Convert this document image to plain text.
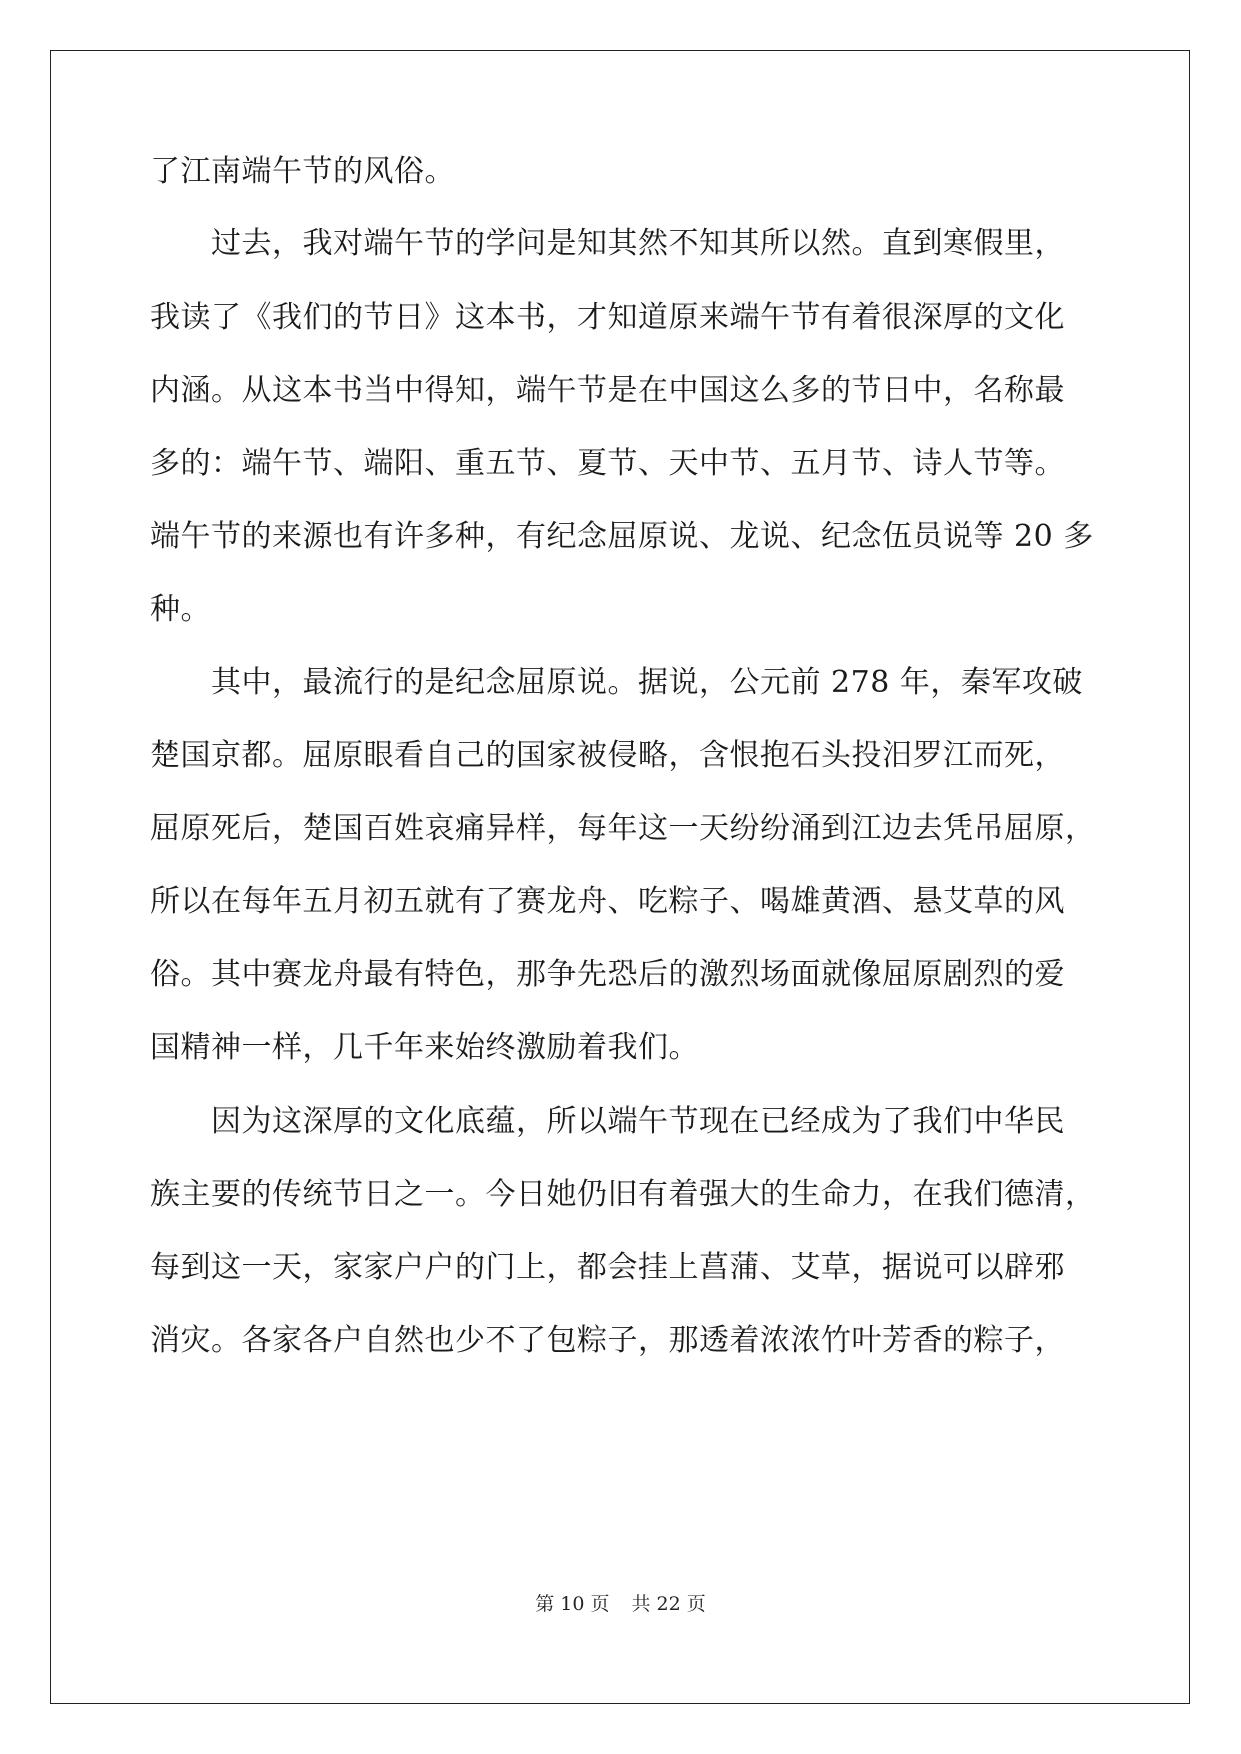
了江南端午节的风俗。
　　过去，我对端午节的学问是知其然不知其所以然。直到寒假里，
我读了《我们的节日》这本书，才知道原来端午节有着很深厚的文化
内涵。从这本书当中得知，端午节是在中国这么多的节日中，名称最
多的：端午节、端阳、重五节、夏节、天中节、五月节、诗人节等。
端午节的来源也有许多种，有纪念屈原说、龙说、纪念伍员说等 20 多
种。
　　其中，最流行的是纪念屈原说。据说，公元前 278 年，秦军攻破
楚国京都。屈原眼看自己的国家被侵略，含恨抱石头投汨罗江而死，
屈原死后，楚国百姓哀痛异样，每年这一天纷纷涌到江边去凭吊屈原，
所以在每年五月初五就有了赛龙舟、吃粽子、喝雄黄酒、悬艾草的风
俗。其中赛龙舟最有特色，那争先恐后的激烈场面就像屈原剧烈的爱
国精神一样，几千年来始终激励着我们。
　　因为这深厚的文化底蕴，所以端午节现在已经成为了我们中华民
族主要的传统节日之一。今日她仍旧有着强大的生命力，在我们德清，
每到这一天，家家户户的门上，都会挂上菖蒲、艾草，据说可以辟邪
消灾。各家各户自然也少不了包粽子，那透着浓浓竹叶芳香的粽子，
第 10 页 共 22 页
